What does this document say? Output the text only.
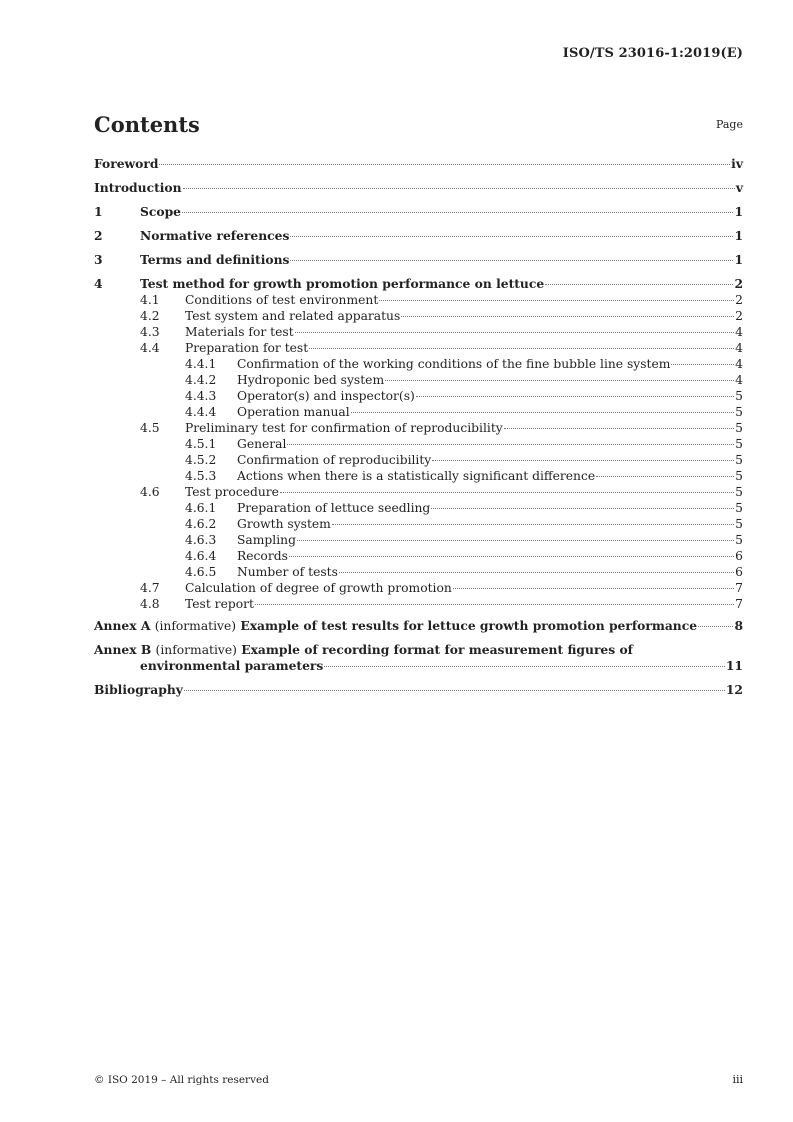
ISO/TS 23016-1:2019(E)
Contents	Page
Foreword	iv
Introduction	v
1	Scope	1
2	Normative references	1
3	Terms and definitions	1
4	Test method for growth promotion performance on lettuce	2
4.1	Conditions of test environment	2
4.2	Test system and related apparatus	2
4.3	Materials for test	4
4.4	Preparation for test	4
4.4.1	Confirmation of the working conditions of the fine bubble line system	4
4.4.2	Hydroponic bed system	4
4.4.3	Operator(s) and inspector(s)	5
4.4.4	Operation manual	5
4.5	Preliminary test for confirmation of reproducibility	5
4.5.1	General	5
4.5.2	Confirmation of reproducibility	5
4.5.3	Actions when there is a statistically significant difference	5
4.6	Test procedure	5
4.6.1	Preparation of lettuce seedling	5
4.6.2	Growth system	5
4.6.3	Sampling	5
4.6.4	Records	6
4.6.5	Number of tests	6
4.7	Calculation of degree of growth promotion	7
4.8	Test report	7
Annex A (informative) Example of test results for lettuce growth promotion performance	8
Annex B (informative) Example of recording format for measurement figures of
environmental parameters	11
Bibliography	12
© ISO 2019 – All rights reserved	iii
